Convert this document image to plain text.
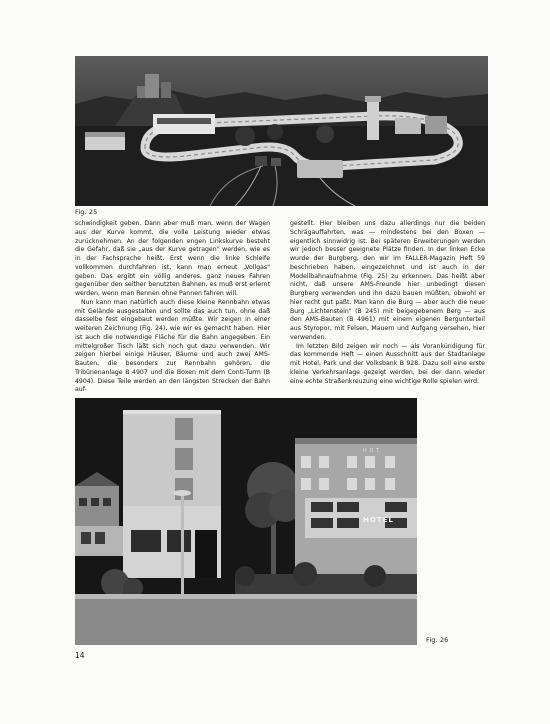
Fig. 25

schwindigkeit geben. Dann aber muß man, wenn der Wagen aus der Kurve kommt, die volle Leistung wieder etwas zurücknehmen. An der folgenden engen Linkskurve besteht die Gefahr, daß sie „aus der Kurve getragen" werden, wie es in der Fachsprache heißt. Erst wenn die linke Schleife vollkommen durchfahren ist, kann man erneut „Vollgas" geben. Das ergibt ein völlig anderes, ganz neues Fahren gegenüber den seither benutzten Bahnen, es muß erst erlernt werden, wenn man Rennen ohne Pannen fahren will.

Nun kann man natürlich auch diese kleine Rennbahn etwas mit Gelände ausgestalten und sollte das auch tun, ohne daß dasselbe fest eingebaut werden müßte. Wir zeigen in einer weiteren Zeichnung (Fig. 24), wie wir es gemacht haben. Hier ist auch die notwendige Fläche für die Bahn angegeben. Ein mittelgroßer Tisch läßt sich noch gut dazu verwenden. Wir zeigen hierbei einige Häuser, Bäume und auch zwei AMS-Bauten, die besonders zur Rennbahn gehören, die Tribünenanlage B 4907 und die Boxen mit dem Conti-Turm (B 4904). Diese Teile werden an den längsten Strecken der Bahn auf-

gestellt. Hier bleiben uns dazu allerdings nur die beiden Schrägauffahrten, was — mindestens bei den Boxen — eigentlich sinnwidrig ist. Bei späteren Erweiterungen werden wir jedoch besser geeignete Plätze finden. In der linken Ecke wurde der Burgberg, den wir im FALLER-Magazin Heft 59 beschrieben haben, eingezeichnet und ist auch in der Modellbahnaufnahme (Fig. 25) zu erkennen. Das heißt aber nicht, daß unsere AMS-Freunde hier unbedingt diesen Burgberg verwenden und ihn dazu bauen müßten, obwohl er hier recht gut paßt. Man kann die Burg — aber auch die neue Burg „Lichtenstein" (B 245) mit beigegebenem Berg — aus den AMS-Bauten (B 4961) mit einem eigenen Bergunterteil aus Styropor, mit Felsen, Mauern und Aufgang versehen, hier verwenden.

Im letzten Bild zeigen wir noch — als Vorankündigung für das kommende Heft — einen Ausschnitt aus der Stadtanlage mit Hotel, Park und der Volksbank B 928. Dazu soll eine erste kleine Verkehrsanlage gezeigt werden, bei der dann wieder eine echte Straßenkreuzung eine wichtige Rolle spielen wird.

HOTEL
H O T
Fig. 26
14
